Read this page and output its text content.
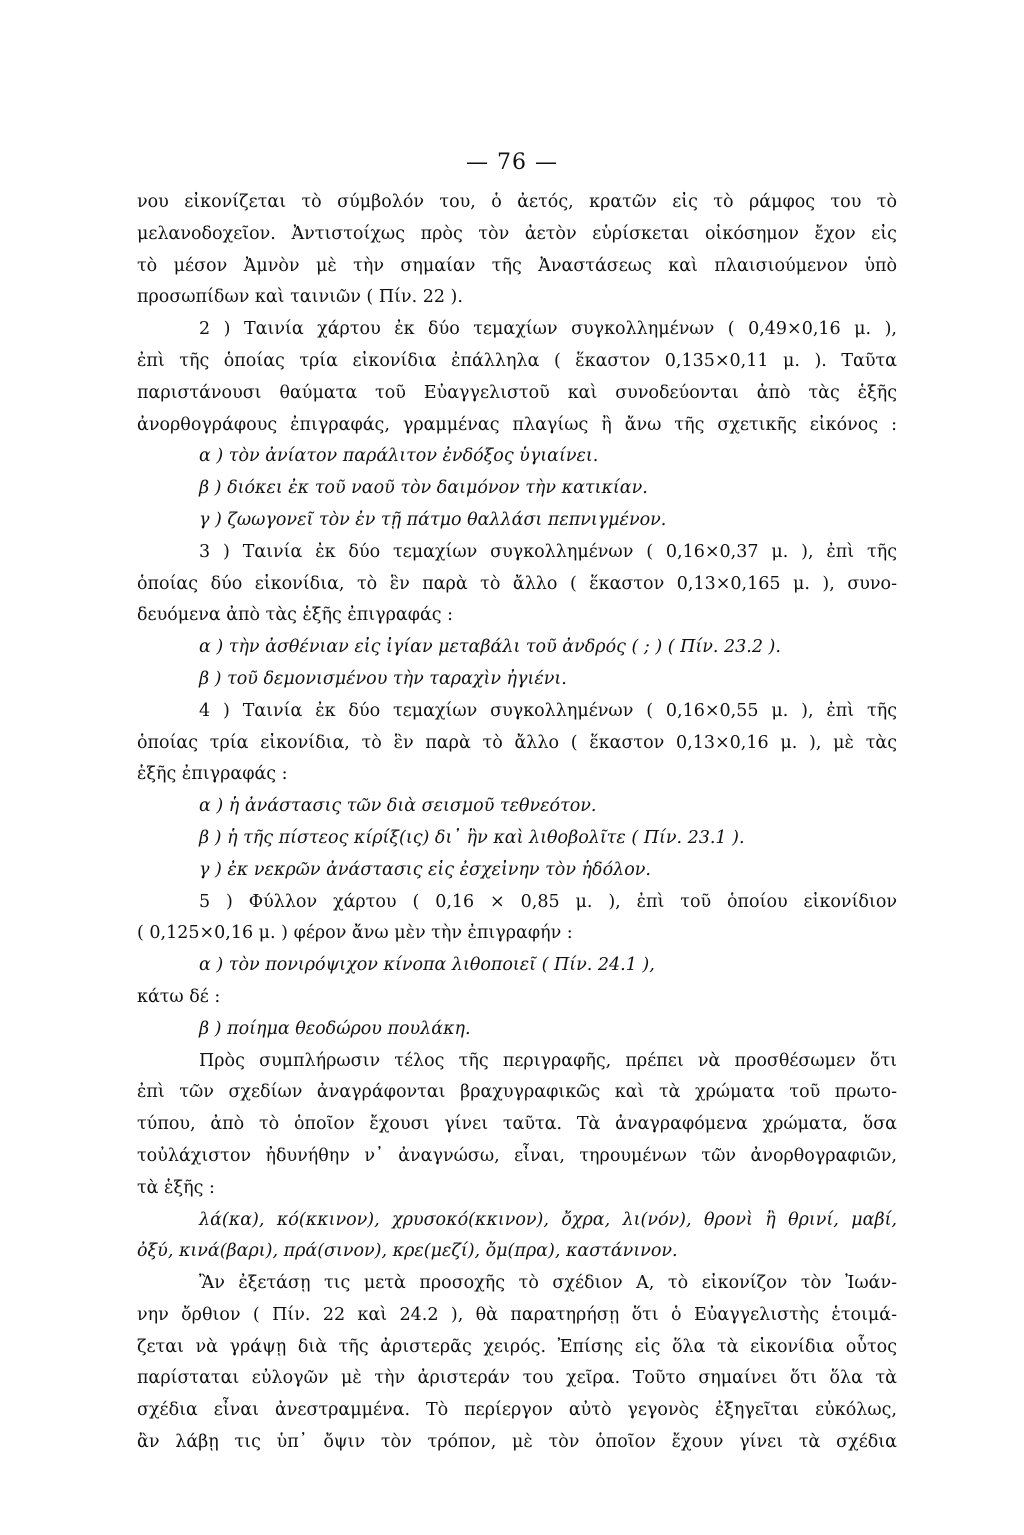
— 76 —
νου εἰκονίζεται τὸ σύμβολόν του, ὁ ἀετός, κρατῶν εἰς τὸ ράμφος του τὸ
μελανοδοχεῖον. Ἀντιστοίχως πρὸς τὸν ἀετὸν εὑρίσκεται οἰκόσημον ἔχον εἰς
τὸ μέσον Ἀμνὸν μὲ τὴν σημαίαν τῆς Ἀναστάσεως καὶ πλαισιούμενον ὑπὸ
προσωπίδων καὶ ταινιῶν ( Πίν. 22 ).
2 ) Ταινία χάρτου ἐκ δύο τεμαχίων συγκολλημένων ( 0,49×0,16 μ. ),
ἐπὶ τῆς ὁποίας τρία εἰκονίδια ἐπάλληλα ( ἕκαστον 0,135×0,11 μ. ). Ταῦτα
παριστάνουσι θαύματα τοῦ Εὐαγγελιστοῦ καὶ συνοδεύονται ἀπὸ τὰς ἑξῆς
ἀνορθογράφους ἐπιγραφάς, γραμμένας πλαγίως ἢ ἄνω τῆς σχετικῆς εἰκόνος :
α ) τὸν ἀνίατον παράλιτον ἐνδόξος ὑγιαίνει.
β ) διόκει ἐκ τοῦ ναοῦ τὸν δαιμόνον τὴν κατικίαν.
γ ) ζωωγονεῖ τὸν ἐν τῇ πάτμο θαλλάσι πεπνιγμένον.
3 ) Ταινία ἐκ δύο τεμαχίων συγκολλημένων ( 0,16×0,37 μ. ), ἐπὶ τῆς
ὁποίας δύο εἰκονίδια, τὸ ἓν παρὰ τὸ ἄλλο ( ἕκαστον 0,13×0,165 μ. ), συνο-
δευόμενα ἀπὸ τὰς ἑξῆς ἐπιγραφάς :
α ) τὴν ἀσθένιαν εἰς ἰγίαν μεταβάλι τοῦ ἀνδρός ( ; ) ( Πίν. 23.2 ).
β ) τοῦ δεμονισμένου τὴν ταραχὶν ἠγιένι.
4 ) Ταινία ἐκ δύο τεμαχίων συγκολλημένων ( 0,16×0,55 μ. ), ἐπὶ τῆς
ὁποίας τρία εἰκονίδια, τὸ ἓν παρὰ τὸ ἄλλο ( ἕκαστον 0,13×0,16 μ. ), μὲ τὰς
ἑξῆς ἐπιγραφάς :
α ) ἡ ἀνάστασις τῶν διὰ σεισμοῦ τεθνεότον.
β ) ἡ τῆς πίστεος κίρίξ(ις) δι᾽ ἣν καὶ λιθοβολῖτε ( Πίν. 23.1 ).
γ ) ἐκ νεκρῶν ἀνάστασις εἰς ἐσχεἰνην τὸν ἡδόλον.
5 ) Φύλλον χάρτου ( 0,16 × 0,85 μ. ), ἐπὶ τοῦ ὁποίου εἰκονίδιον
( 0,125×0,16 μ. ) φέρον ἄνω μὲν τὴν ἐπιγραφήν :
α ) τὸν πονιρόψιχον κίνοπα λιθοποιεῖ ( Πίν. 24.1 ),
κάτω δέ :
β ) ποίημα θεοδώρου πουλάκη.
Πρὸς συμπλήρωσιν τέλος τῆς περιγραφῆς, πρέπει νὰ προσθέσωμεν ὅτι
ἐπὶ τῶν σχεδίων ἀναγράφονται βραχυγραφικῶς καὶ τὰ χρώματα τοῦ πρωτο-
τύπου, ἀπὸ τὸ ὁποῖον ἔχουσι γίνει ταῦτα. Τὰ ἀναγραφόμενα χρώματα, ὅσα
τοὐλάχιστον ἠδυνήθην ν᾽ ἀναγνώσω, εἶναι, τηρουμένων τῶν ἀνορθογραφιῶν,
τὰ ἑξῆς :
λά(κα), κό(κκινον), χρυσοκό(κκινον), ὄχρα, λι(νόν), θρονὶ ἢ θρινί, μαβί,
ὀξύ, κινά(βαρι), πρά(σινον), κρε(μεζί), ὄμ(πρα), καστάνινον.
Ἂν ἐξετάσῃ τις μετὰ προσοχῆς τὸ σχέδιον Α, τὸ εἰκονίζον τὸν Ἰωάν-
νην ὄρθιον ( Πίν. 22 καὶ 24.2 ), θὰ παρατηρήσῃ ὅτι ὁ Εὐαγγελιστὴς ἑτοιμά-
ζεται νὰ γράψῃ διὰ τῆς ἀριστερᾶς χειρός. Ἐπίσης εἰς ὅλα τὰ εἰκονίδια οὗτος
παρίσταται εὐλογῶν μὲ τὴν ἀριστεράν του χεῖρα. Τοῦτο σημαίνει ὅτι ὅλα τὰ
σχέδια εἶναι ἀνεστραμμένα. Τὸ περίεργον αὐτὸ γεγονὸς ἐξηγεῖται εὐκόλως,
ἂν λάβῃ τις ὑπ᾽ ὄψιν τὸν τρόπον, μὲ τὸν ὁποῖον ἔχουν γίνει τὰ σχέδια
